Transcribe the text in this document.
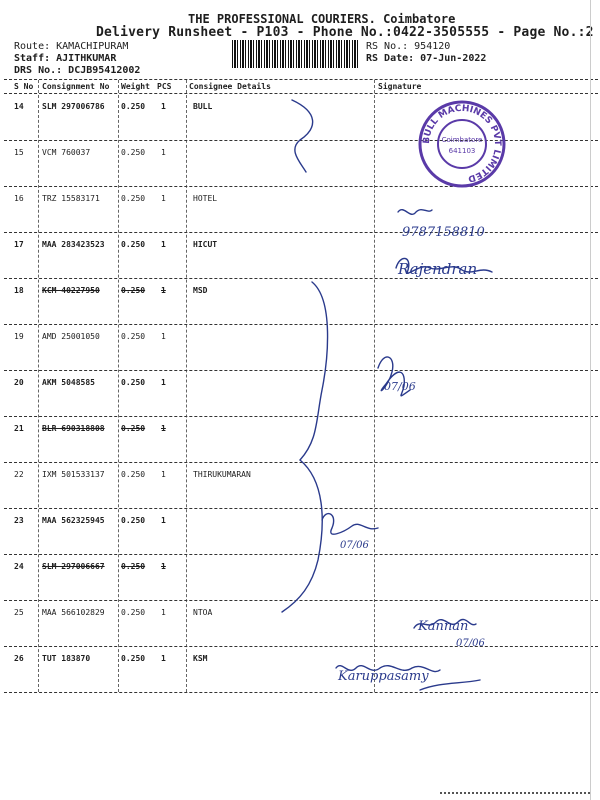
THE PROFESSIONAL COURIERS. Coimbatore
Delivery Runsheet - P103 - Phone No.:0422-3505555 - Page No.:2
Route: KAMACHIPURAM
Staff: AJITHKUMAR
DRS No.: DCJB95412002
RS No.: 954120
RS Date: 07-Jun-2022
S No Consignment No Weight PCS Consignee Details	Signature
14 SLM 297006786 0.250 1	BULL
15 VCM 760037	0.250 1
16 TRZ 15583171	0.250 1	HOTEL
17 MAA 283423523 0.250 1	HICUT
18 KCM 40227950	0.250 1	MSD
19 AMD 25001050	0.250 1
20 AKM 5048585	0.250 1
21 BLR 690318808 0.250 1
22 IXM 501533137 0.250 1	THIRUKUMARAN
23 MAA 562325945 0.250 1
24 SLM 297006667 0.250 1
25 MAA 566102829 0.250 1	NTOA
26 TUT 183870	0.250 1	KSM
BULL MACHINES PVT LIMITED
Coimbatore
641103
9787158810
Rajendran
07/06
07/06
Kannan
07/06
Karuppasamy
